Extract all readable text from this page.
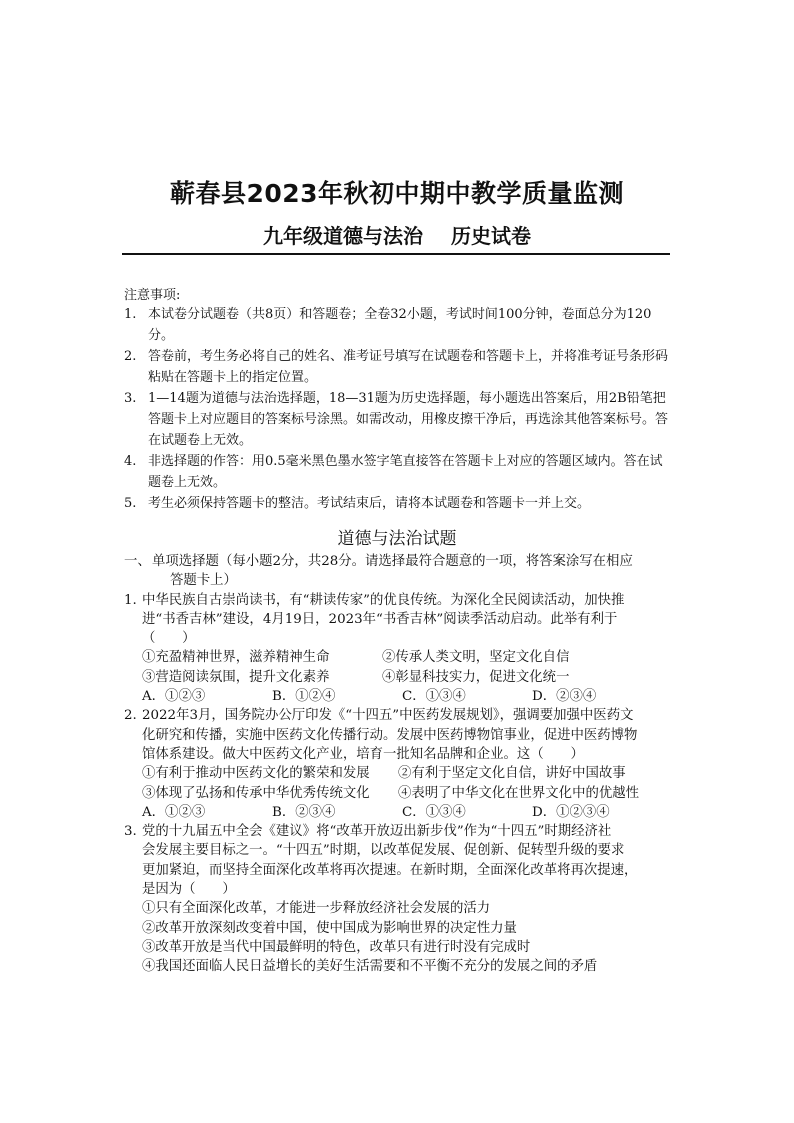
蕲春县2023年秋初中期中教学质量监测
九年级道德与法治 历史试卷
注意事项:

1. 本试卷分试题卷（共8页）和答题卷；全卷32小题，考试时间100分钟，卷面总分为120分。

2. 答卷前，考生务必将自己的姓名、准考证号填写在试题卷和答题卡上，并将准考证号条形码粘贴在答题卡上的指定位置。

3. 1—14题为道德与法治选择题，18—31题为历史选择题，每小题选出答案后，用2B铅笔把答题卡上对应题目的答案标号涂黑。如需改动，用橡皮擦干净后，再选涂其他答案标号。答在试题卷上无效。

4. 非选择题的作答：用0.5毫米黑色墨水签字笔直接答在答题卡上对应的答题区域内。答在试题卷上无效。

5. 考生必须保持答题卡的整洁。考试结束后，请将本试题卷和答题卡一并上交。

道德与法治试题
一、 单项选择题（每小题2分，共28分。请选择最符合题意的一项，将答案涂写在相应
答题卡上）
1. 中华民族自古崇尚读书，有“耕读传家”的优良传统。为深化全民阅读活动，加快推
进“书香吉林”建设，4月19日，2023年“书香吉林”阅读季活动启动。此举有利于
（　　）
①充盈精神世界，滋养精神生命	②传承人类文明，坚定文化自信
③营造阅读氛围，提升文化素养	④彰显科技实力，促进文化统一
A．①②③	B．①②④	C．①③④	D．②③④
2. 2022年3月，国务院办公厅印发《“十四五”中医药发展规划》，强调要加强中医药文
化研究和传播，实施中医药文化传播行动。发展中医药博物馆事业，促进中医药博物
馆体系建设。做大中医药文化产业，培育一批知名品牌和企业。这（　　）
①有利于推动中医药文化的繁荣和发展	②有利于坚定文化自信，讲好中国故事
③体现了弘扬和传承中华优秀传统文化	④表明了中华文化在世界文化中的优越性
A．①②③	B．②③④	C．①③④	D．①②③④
3. 党的十九届五中全会《建议》将“改革开放迈出新步伐”作为“十四五”时期经济社
会发展主要目标之一。“十四五”时期，以改革促发展、促创新、促转型升级的要求
更加紧迫，而坚持全面深化改革将再次提速。在新时期，全面深化改革将再次提速，
是因为（　　）
①只有全面深化改革，才能进一步释放经济社会发展的活力
②改革开放深刻改变着中国，使中国成为影响世界的决定性力量
③改革开放是当代中国最鲜明的特色，改革只有进行时没有完成时
④我国还面临人民日益增长的美好生活需要和不平衡不充分的发展之间的矛盾
